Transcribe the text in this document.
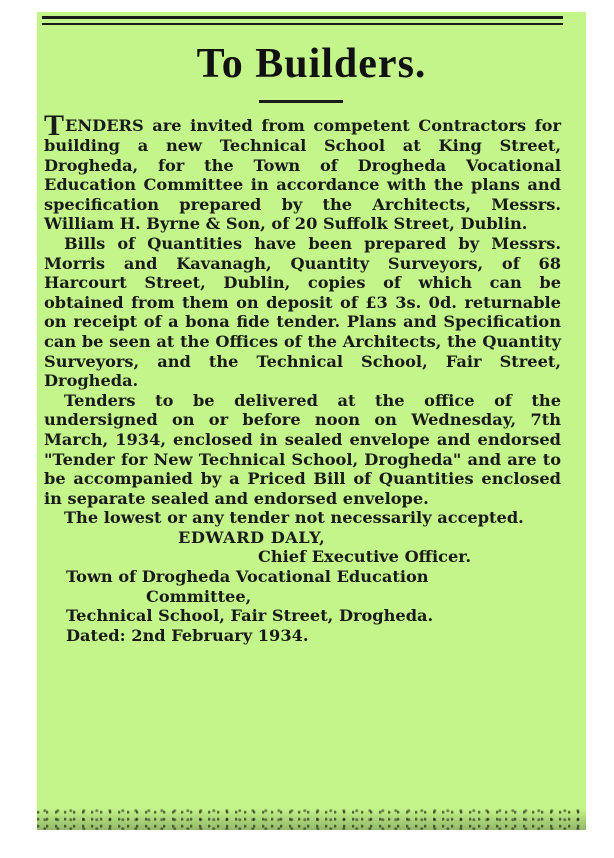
To Builders.

TENDERS are invited from competent Contractors for building a new Technical School at King Street, Drogheda, for the Town of Drogheda Vocational Education Committee in accordance with the plans and specification prepared by the Architects, Messrs. William H. Byrne & Son, of 20 Suffolk Street, Dublin.

Bills of Quantities have been prepared by Messrs. Morris and Kavanagh, Quantity Surveyors, of 68 Harcourt Street, Dublin, copies of which can be obtained from them on deposit of £3 3s. 0d. returnable on receipt of a bona fide tender. Plans and Specification can be seen at the Offices of the Architects, the Quantity Surveyors, and the Technical School, Fair Street, Drogheda.

Tenders to be delivered at the office of the undersigned on or before noon on Wednesday, 7th March, 1934, enclosed in sealed envelope and endorsed "Tender for New Technical School, Drogheda" and are to be accompanied by a Priced Bill of Quantities enclosed in separate sealed and endorsed envelope.

The lowest or any tender not necessarily accepted.

EDWARD DALY,

Chief Executive Officer.

Town of Drogheda Vocational Education
Committee,

Technical School, Fair Street, Drogheda.

Dated: 2nd February 1934.
